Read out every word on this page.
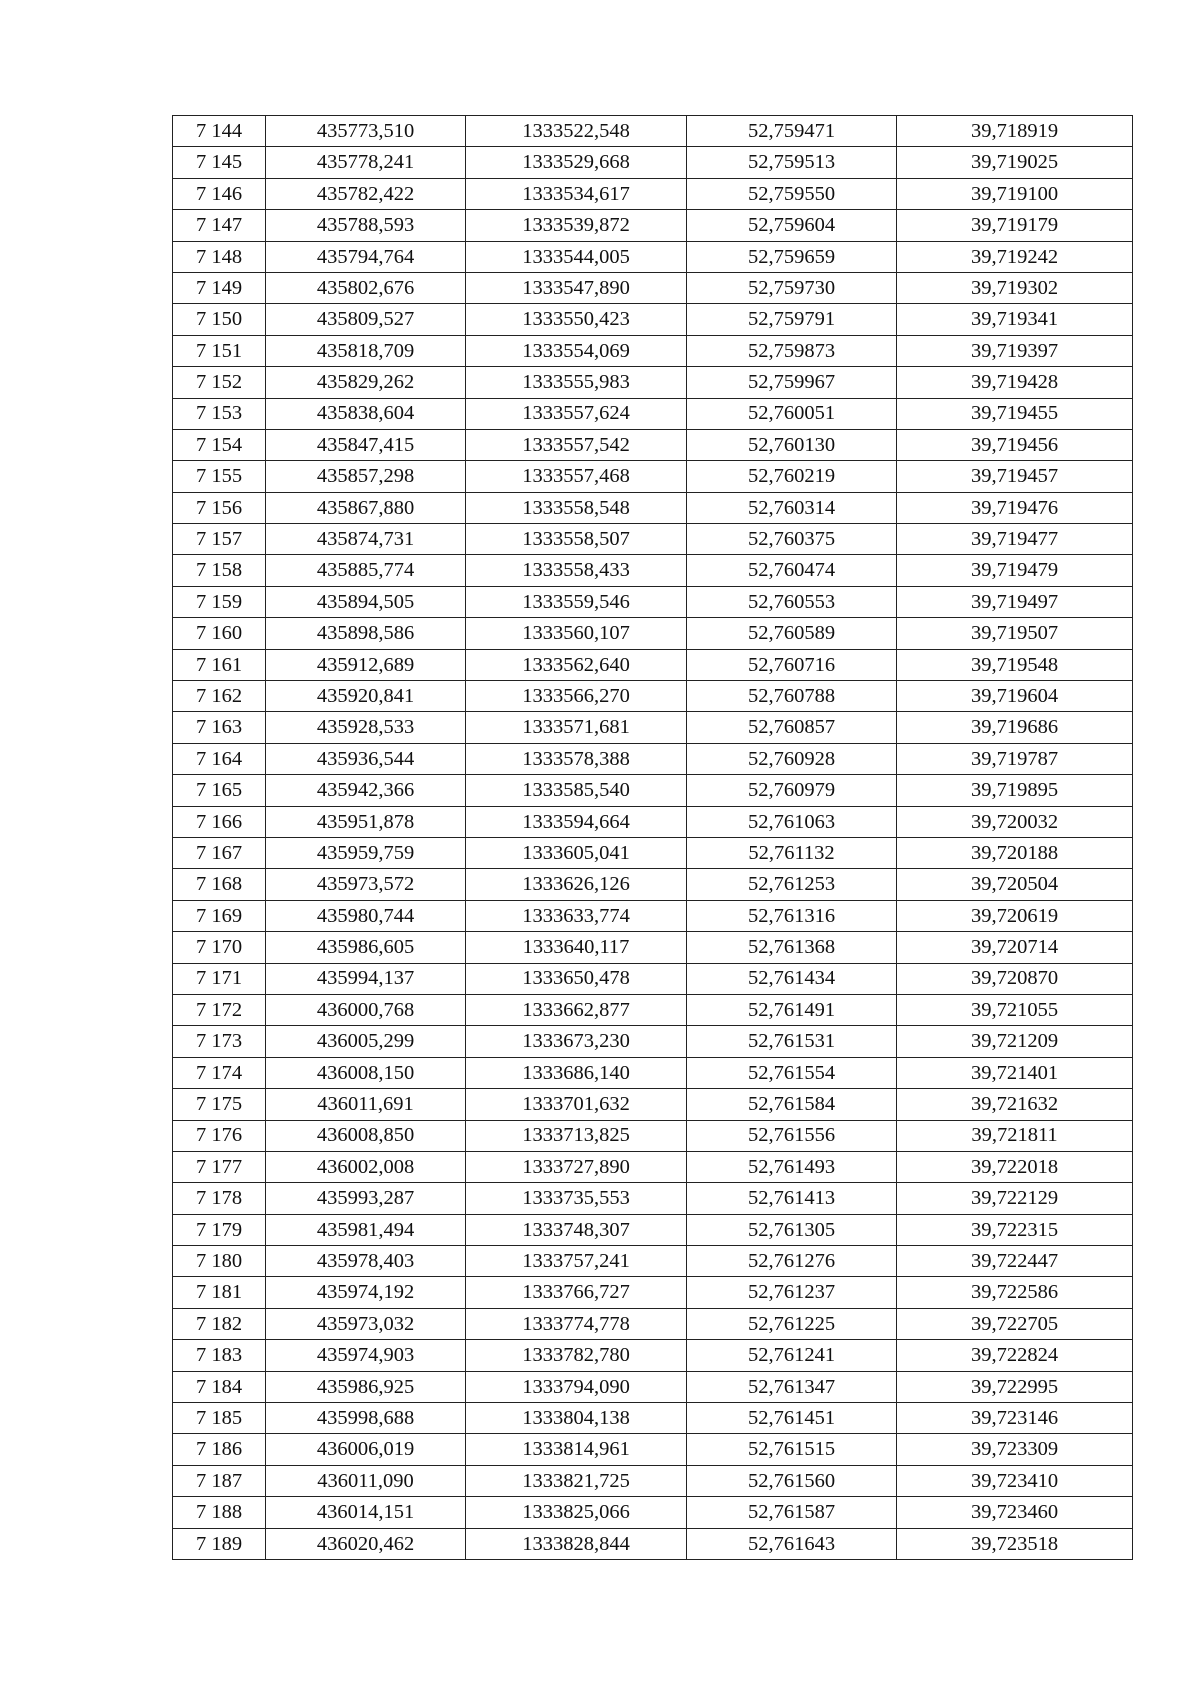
7 144	435773,510	1333522,548	52,759471	39,718919
7 145	435778,241	1333529,668	52,759513	39,719025
7 146	435782,422	1333534,617	52,759550	39,719100
7 147	435788,593	1333539,872	52,759604	39,719179
7 148	435794,764	1333544,005	52,759659	39,719242
7 149	435802,676	1333547,890	52,759730	39,719302
7 150	435809,527	1333550,423	52,759791	39,719341
7 151	435818,709	1333554,069	52,759873	39,719397
7 152	435829,262	1333555,983	52,759967	39,719428
7 153	435838,604	1333557,624	52,760051	39,719455
7 154	435847,415	1333557,542	52,760130	39,719456
7 155	435857,298	1333557,468	52,760219	39,719457
7 156	435867,880	1333558,548	52,760314	39,719476
7 157	435874,731	1333558,507	52,760375	39,719477
7 158	435885,774	1333558,433	52,760474	39,719479
7 159	435894,505	1333559,546	52,760553	39,719497
7 160	435898,586	1333560,107	52,760589	39,719507
7 161	435912,689	1333562,640	52,760716	39,719548
7 162	435920,841	1333566,270	52,760788	39,719604
7 163	435928,533	1333571,681	52,760857	39,719686
7 164	435936,544	1333578,388	52,760928	39,719787
7 165	435942,366	1333585,540	52,760979	39,719895
7 166	435951,878	1333594,664	52,761063	39,720032
7 167	435959,759	1333605,041	52,761132	39,720188
7 168	435973,572	1333626,126	52,761253	39,720504
7 169	435980,744	1333633,774	52,761316	39,720619
7 170	435986,605	1333640,117	52,761368	39,720714
7 171	435994,137	1333650,478	52,761434	39,720870
7 172	436000,768	1333662,877	52,761491	39,721055
7 173	436005,299	1333673,230	52,761531	39,721209
7 174	436008,150	1333686,140	52,761554	39,721401
7 175	436011,691	1333701,632	52,761584	39,721632
7 176	436008,850	1333713,825	52,761556	39,721811
7 177	436002,008	1333727,890	52,761493	39,722018
7 178	435993,287	1333735,553	52,761413	39,722129
7 179	435981,494	1333748,307	52,761305	39,722315
7 180	435978,403	1333757,241	52,761276	39,722447
7 181	435974,192	1333766,727	52,761237	39,722586
7 182	435973,032	1333774,778	52,761225	39,722705
7 183	435974,903	1333782,780	52,761241	39,722824
7 184	435986,925	1333794,090	52,761347	39,722995
7 185	435998,688	1333804,138	52,761451	39,723146
7 186	436006,019	1333814,961	52,761515	39,723309
7 187	436011,090	1333821,725	52,761560	39,723410
7 188	436014,151	1333825,066	52,761587	39,723460
7 189	436020,462	1333828,844	52,761643	39,723518
